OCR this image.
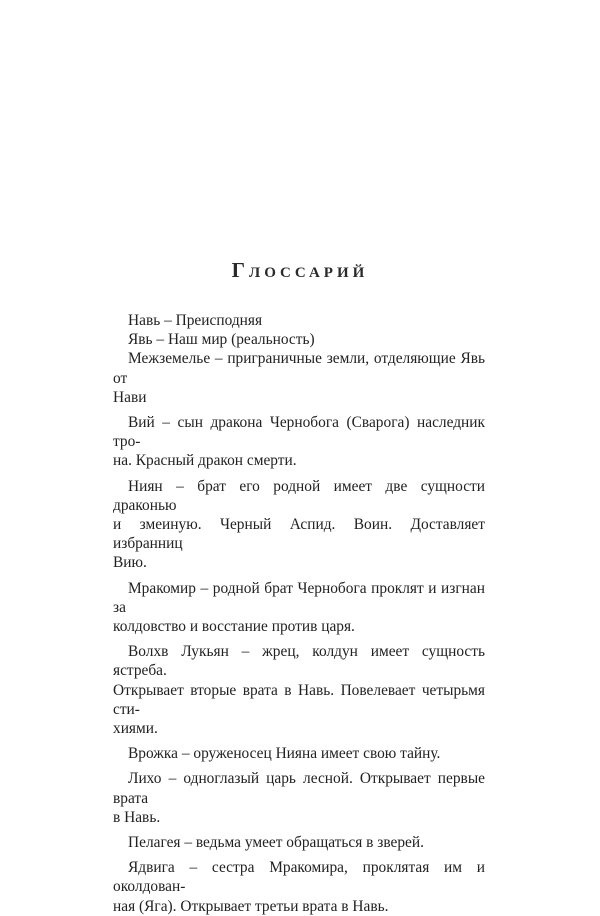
Глоссарий

Навь – Преисподняя

Явь – Наш мир (реальность)

Межземелье – приграничные земли, отделяющие Явь от
Нави

Вий – сын дракона Чернобога (Сварога) наследник тро-
на. Красный дракон смерти.

Ниян – брат его родной имеет две сущности драконью
и змеиную. Черный Аспид. Воин. Доставляет избранниц
Вию.

Мракомир – родной брат Чернобога проклят и изгнан за
колдовство и восстание против царя.

Волхв Лукьян – жрец, колдун имеет сущность ястреба.
Открывает вторые врата в Навь. Повелевает четырьмя сти-
хиями.

Врожка – оруженосец Нияна имеет свою тайну.

Лихо – одноглазый царь лесной. Открывает первые врата
в Навь.

Пелагея – ведьма умеет обращаться в зверей.

Ядвига – сестра Мракомира, проклятая им и околдован-
ная (Яга). Открывает третьи врата в Навь.
